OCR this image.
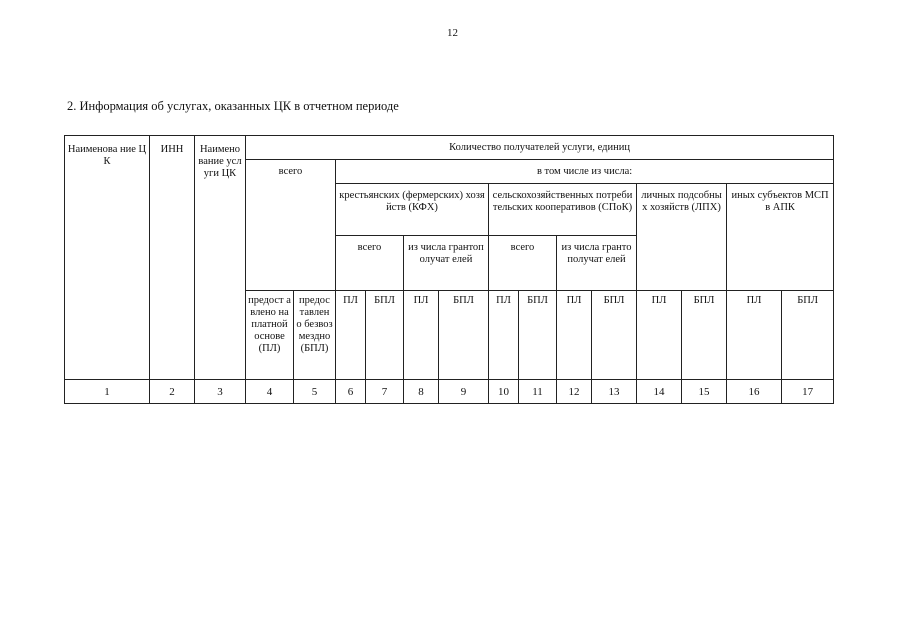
12
2. Информация об услугах, оказанных ЦК в отчетном периоде
Наименова ние ЦК	ИНН	Наимено вание услуги ЦК	Количество получателей услуги, единиц													
			всего		в том числе из числа:											
					крестьянских (фермерских) хозяйств (КФХ)				сельскохозяйственных потребительских кооперативов (СПоК)				личных подсобных хозяйств (ЛПХ)		иных субъектов МСП в АПК	
					всего		из числа грантополучат елей		всего		из числа грантополучат елей					
			предост авлено на платной основе (ПЛ)	предос тавлен о безвоз мездно (БПЛ)	ПЛ	БПЛ	ПЛ	БПЛ	ПЛ	БПЛ	ПЛ	БПЛ	ПЛ	БПЛ	ПЛ	БПЛ
1	2	3	4	5	6	7	8	9	10	11	12	13	14	15	16	17
